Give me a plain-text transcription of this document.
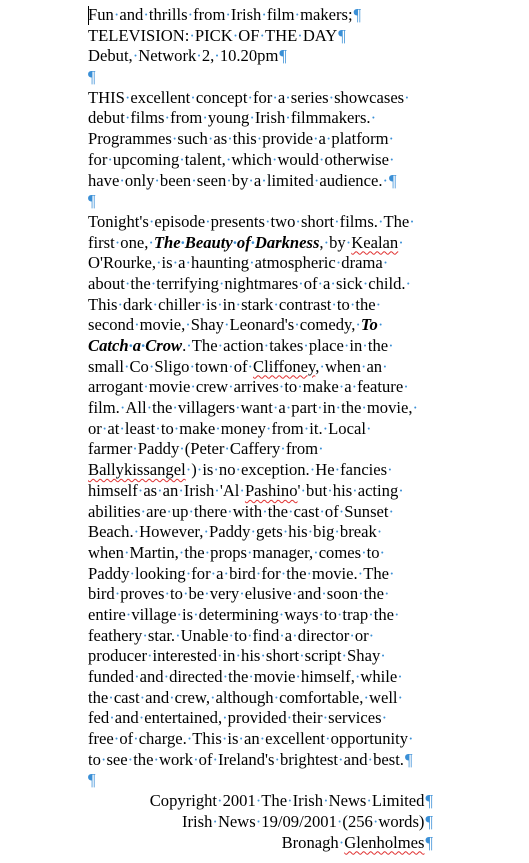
Fun·and·thrills·from·Irish·film·makers;¶
TELEVISION:·PICK·OF·THE·DAY¶
Debut,·Network·2,·10.20pm¶
¶
THIS·excellent·concept·for·a·series·showcases·
debut·films·from·young·Irish·filmmakers.·
Programmes·such·as·this·provide·a·platform·
for·upcoming·talent,·which·would·otherwise·
have·only·been·seen·by·a·limited·audience.·¶
¶
Tonight's·episode·presents·two·short·films.·The·
first·one,·The·Beauty·of·Darkness,·by·Kealan·
O'Rourke,·is·a·haunting·atmospheric·drama·
about·the·terrifying·nightmares·of·a·sick·child.·
This·dark·chiller·is·in·stark·contrast·to·the·
second·movie,·Shay·Leonard's·comedy,·To·
Catch·a·Crow.·The·action·takes·place·in·the·
small·Co·Sligo·town·of·Cliffoney,·when·an·
arrogant·movie·crew·arrives·to·make·a·feature·
film.·All·the·villagers·want·a·part·in·the·movie,·
or·at·least·to·make·money·from·it.·Local·
farmer·Paddy·(Peter·Caffery·from·
Ballykissangel·)·is·no·exception.·He·fancies·
himself·as·an·Irish·'Al·Pashino'·but·his·acting·
abilities·are·up·there·with·the·cast·of·Sunset·
Beach.·However,·Paddy·gets·his·big·break·
when·Martin,·the·props·manager,·comes·to·
Paddy·looking·for·a·bird·for·the·movie.·The·
bird·proves·to·be·very·elusive·and·soon·the·
entire·village·is·determining·ways·to·trap·the·
feathery·star.·Unable·to·find·a·director·or·
producer·interested·in·his·short·script·Shay·
funded·and·directed·the·movie·himself,·while·
the·cast·and·crew,·although·comfortable,·well·
fed·and·entertained,·provided·their·services·
free·of·charge.·This·is·an·excellent·opportunity·
to·see·the·work·of·Ireland's·brightest·and·best.¶
¶
Copyright·2001·The·Irish·News·Limited¶
Irish·News·19/09/2001·(256·words)¶
Bronagh·Glenholmes¶
